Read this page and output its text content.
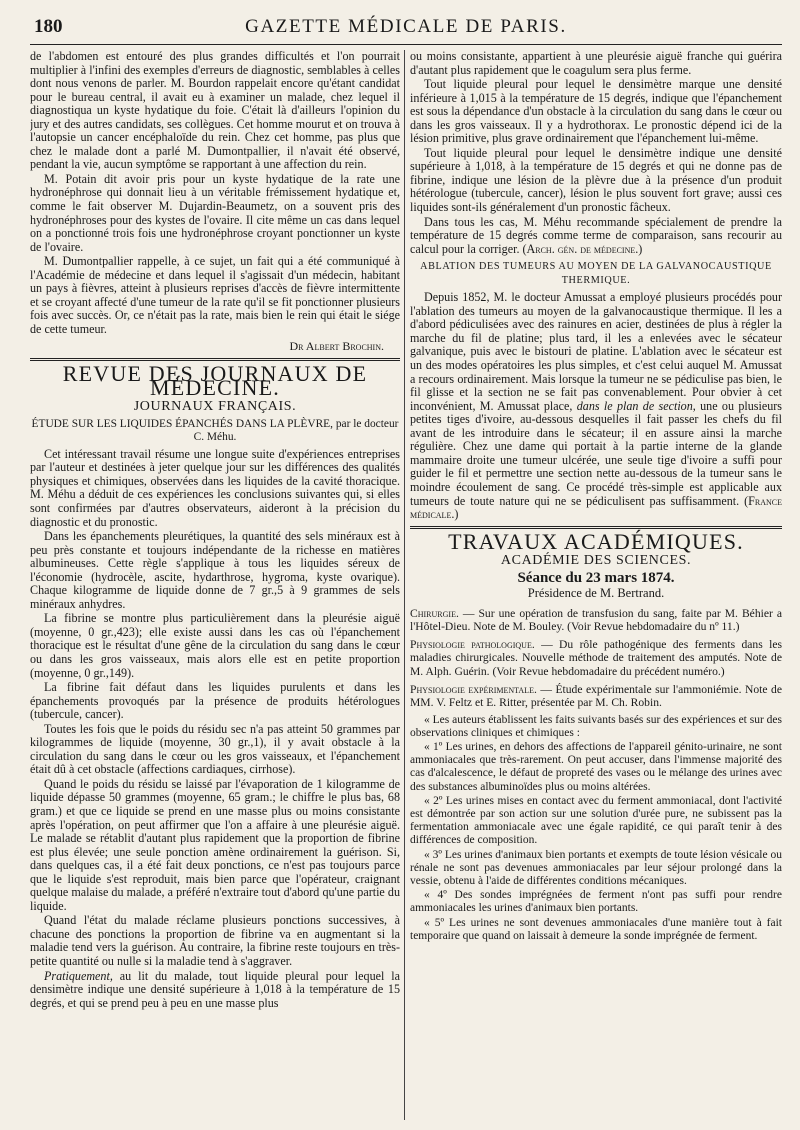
180	GAZETTE MÉDICALE DE PARIS.

de l'abdomen est entouré des plus grandes difficultés et l'on pourrait multiplier à l'infini des exemples d'erreurs de diagnostic, semblables à celles dont nous venons de parler. M. Bourdon rappelait encore qu'étant candidat pour le bureau central, il avait eu à examiner un malade, chez lequel il diagnostiqua un kyste hydatique du foie. C'était là d'ailleurs l'opinion du jury et des autres candidats, ses collègues. Cet homme mourut et on trouva à l'autopsie un cancer encéphaloïde du rein. Chez cet homme, pas plus que chez le malade dont a parlé M. Dumontpallier, il n'avait été observé, pendant la vie, aucun symptôme se rapportant à une affection du rein.

M. Potain dit avoir pris pour un kyste hydatique de la rate une hydronéphrose qui donnait lieu à un véritable frémissement hydatique et, comme le fait observer M. Dujardin-Beaumetz, on a souvent pris des hydronéphroses pour des kystes de l'ovaire. Il cite même un cas dans lequel on a ponctionné trois fois une hydronéphrose croyant ponctionner un kyste de l'ovaire.

M. Dumontpallier rappelle, à ce sujet, un fait qui a été communiqué à l'Académie de médecine et dans lequel il s'agissait d'un médecin, habitant un pays à fièvres, atteint à plusieurs reprises d'accès de fièvre intermittente et se croyant affecté d'une tumeur de la rate qu'il se fit ponctionner plusieurs fois avec succès. Or, ce n'était pas la rate, mais bien le rein qui était le siége de cette tumeur.

Dr Albert Brochin.
REVUE DES JOURNAUX DE MÉDECINE.
JOURNAUX FRANÇAIS.

ÉTUDE SUR LES LIQUIDES ÉPANCHÉS DANS LA PLÈVRE, par le docteur C. Méhu.

Cet intéressant travail résume une longue suite d'expériences entreprises par l'auteur et destinées à jeter quelque jour sur les différences des qualités physiques et chimiques, observées dans les liquides de la cavité thoracique. M. Méhu a déduit de ces expériences les conclusions suivantes qui, si elles sont confirmées par d'autres observateurs, aideront à la précision du diagnostic et du pronostic.

Dans les épanchements pleurétiques, la quantité des sels minéraux est à peu près constante et toujours indépendante de la richesse en matières albumineuses. Cette règle s'applique à tous les liquides séreux de l'économie (hydrocèle, ascite, hydarthrose, hygroma, kyste ovarique). Chaque kilogramme de liquide donne de 7 gr.,5 à 9 grammes de sels minéraux anhydres.

La fibrine se montre plus particulièrement dans la pleurésie aiguë (moyenne, 0 gr.,423); elle existe aussi dans les cas où l'épanchement thoracique est le résultat d'une gêne de la circulation du sang dans le cœur ou dans les gros vaisseaux, mais alors elle est en petite proportion (moyenne, 0 gr.,149).

La fibrine fait défaut dans les liquides purulents et dans les épanchements provoqués par la présence de produits hétérologues (tubercule, cancer).

Toutes les fois que le poids du résidu sec n'a pas atteint 50 grammes par kilogrammes de liquide (moyenne, 30 gr.,1), il y avait obstacle à la circulation du sang dans le cœur ou les gros vaisseaux, et l'épanchement était dû à cet obstacle (affections cardiaques, cirrhose).

Quand le poids du résidu se laissé par l'évaporation de 1 kilogramme de liquide dépasse 50 grammes (moyenne, 65 gram.; le chiffre le plus bas, 68 gram.) et que ce liquide se prend en une masse plus ou moins consistante après l'opération, on peut affirmer que l'on a affaire à une pleurésie aiguë. Le malade se rétablit d'autant plus rapidement que la proportion de fibrine est plus élevée; une seule ponction amène ordinairement la guérison. Si, dans quelques cas, il a été fait deux ponctions, ce n'est pas toujours parce que le liquide s'est reproduit, mais bien parce que l'opérateur, craignant quelque malaise du malade, a préféré n'extraire tout d'abord qu'une partie du liquide.

Quand l'état du malade réclame plusieurs ponctions successives, à chacune des ponctions la proportion de fibrine va en augmentant si la maladie tend vers la guérison. Au contraire, la fibrine reste toujours en très-petite quantité ou nulle si la maladie tend à s'aggraver.

Pratiquement, au lit du malade, tout liquide pleural pour lequel la densimètre indique une densité supérieure à 1,018 à la température de 15 degrés, et qui se prend peu à peu en une masse plus

ou moins consistante, appartient à une pleurésie aiguë franche qui guérira d'autant plus rapidement que le coagulum sera plus ferme.

Tout liquide pleural pour lequel le densimètre marque une densité inférieure à 1,015 à la température de 15 degrés, indique que l'épanchement est sous la dépendance d'un obstacle à la circulation du sang dans le cœur ou dans les gros vaisseaux. Il y a hydrothorax. Le pronostic dépend ici de la lésion primitive, plus grave ordinairement que l'épanchement lui-même.

Tout liquide pleural pour lequel le densimètre indique une densité supérieure à 1,018, à la température de 15 degrés et qui ne donne pas de fibrine, indique une lésion de la plèvre due à la présence d'un produit hétérologue (tubercule, cancer), lésion le plus souvent fort grave; aussi ces liquides sont-ils généralement d'un pronostic fâcheux.

Dans tous les cas, M. Méhu recommande spécialement de prendre la température de 15 degrés comme terme de comparaison, sans recourir au calcul pour la corriger. (Arch. gén. de médecine.)

ABLATION DES TUMEURS AU MOYEN DE LA GALVANOCAUSTIQUE THERMIQUE.

Depuis 1852, M. le docteur Amussat a employé plusieurs procédés pour l'ablation des tumeurs au moyen de la galvanocaustique thermique. Il les a d'abord pédiculisées avec des rainures en acier, destinées de plus à régler la marche du fil de platine; plus tard, il les a enlevées avec le sécateur galvanique, puis avec le bistouri de platine. L'ablation avec le sécateur est un des modes opératoires les plus simples, et c'est celui auquel M. Amussat a recours ordinairement. Mais lorsque la tumeur ne se pédiculise pas bien, le fil glisse et la section ne se fait pas convenablement. Pour obvier à cet inconvénient, M. Amussat place, dans le plan de section, une ou plusieurs petites tiges d'ivoire, au-dessous desquelles il fait passer les chefs du fil avant de les introduire dans le sécateur; il en assure ainsi la marche régulière. Chez une dame qui portait à la partie interne de la glande mammaire droite une tumeur ulcérée, une seule tige d'ivoire a suffi pour guider le fil et permettre une section nette au-dessous de la tumeur sans le moindre écoulement de sang. Ce procédé très-simple est applicable aux tumeurs de toute nature qui ne se pédiculisent pas suffisamment. (France médicale.)

TRAVAUX ACADÉMIQUES.
ACADÉMIE DES SCIENCES.
Séance du 23 mars 1874.
Présidence de M. Bertrand.

Chirurgie. — Sur une opération de transfusion du sang, faite par M. Béhier a l'Hôtel-Dieu. Note de M. Bouley. (Voir Revue hebdomadaire du nº 11.)

Physiologie pathologique. — Du rôle pathogénique des ferments dans les maladies chirurgicales. Nouvelle méthode de traitement des amputés. Note de M. Alph. Guérin. (Voir Revue hebdomadaire du précédent numéro.)

Physiologie expérimentale. — Étude expérimentale sur l'ammoniémie. Note de MM. V. Feltz et E. Ritter, présentée par M. Ch. Robin.

« Les auteurs établissent les faits suivants basés sur des expériences et sur des observations cliniques et chimiques :

« 1º Les urines, en dehors des affections de l'appareil génito-urinaire, ne sont ammoniacales que très-rarement. On peut accuser, dans l'immense majorité des cas d'alcalescence, le défaut de propreté des vases ou le mélange des urines avec des substances albuminoïdes plus ou moins altérées.

« 2º Les urines mises en contact avec du ferment ammoniacal, dont l'activité est démontrée par son action sur une solution d'urée pure, ne subissent pas la fermentation ammoniacale avec une égale rapidité, ce qui paraît tenir à des différences de composition.

« 3º Les urines d'animaux bien portants et exempts de toute lésion vésicale ou rénale ne sont pas devenues ammoniacales par leur séjour prolongé dans la vessie, obtenu à l'aide de différentes conditions mécaniques.

« 4º Des sondes imprégnées de ferment n'ont pas suffi pour rendre ammoniacales les urines d'animaux bien portants.

« 5º Les urines ne sont devenues ammoniacales d'une manière tout à fait temporaire que quand on laissait à demeure la sonde imprégnée de ferment.
